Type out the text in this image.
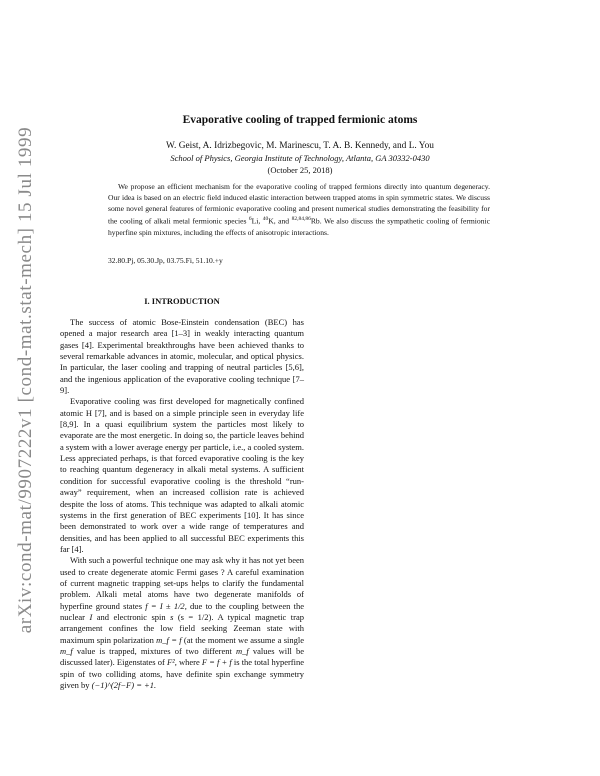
arXiv:cond-mat/9907222v1 [cond-mat.stat-mech] 15 Jul 1999
Evaporative cooling of trapped fermionic atoms
W. Geist, A. Idrizbegovic, M. Marinescu, T. A. B. Kennedy, and L. You
School of Physics, Georgia Institute of Technology, Atlanta, GA 30332-0430
(October 25, 2018)
We propose an efficient mechanism for the evaporative cooling of trapped fermions directly into quantum degeneracy. Our idea is based on an electric field induced elastic interaction between trapped atoms in spin symmetric states. We discuss some novel general features of fermionic evaporative cooling and present numerical studies demonstrating the feasibility for the cooling of alkali metal fermionic species $^6$Li, $^{40}$K, and $^{82,84,86}$Rb. We also discuss the sympathetic cooling of fermionic hyperfine spin mixtures, including the effects of anisotropic interactions.
32.80.Pj, 05.30.Jp, 03.75.Fi, 51.10.+y
I. INTRODUCTION

The success of atomic Bose-Einstein condensation (BEC) has opened a major research area [1–3] in weakly interacting quantum gases [4]. Experimental breakthroughs have been achieved thanks to several remarkable advances in atomic, molecular, and optical physics. In particular, the laser cooling and trapping of neutral particles [5,6], and the ingenious application of the evaporative cooling technique [7–9].

Evaporative cooling was first developed for magnetically confined atomic H [7], and is based on a simple principle seen in everyday life [8,9]. In a quasi equilibrium system the particles most likely to evaporate are the most energetic. In doing so, the particle leaves behind a system with a lower average energy per particle, i.e., a cooled system. Less appreciated perhaps, is that forced evaporative cooling is the key to reaching quantum degeneracy in alkali metal systems. A sufficient condition for successful evaporative cooling is the threshold “run-away” requirement, when an increased collision rate is achieved despite the loss of atoms. This technique was adapted to alkali atomic systems in the first generation of BEC experiments [10]. It has since been demonstrated to work over a wide range of temperatures and densities, and has been applied to all successful BEC experiments this far [4].

With such a powerful technique one may ask why it has not yet been used to create degenerate atomic Fermi gases ? A careful examination of current magnetic trapping set-ups helps to clarify the fundamental problem. Alkali metal atoms have two degenerate manifolds of hyperfine ground states f = I ± 1/2, due to the coupling between the nuclear I and electronic spin s (s = 1/2). A typical magnetic trap arrangement confines the low field seeking Zeeman state with maximum spin polarization m_f = f (at the moment we assume a single m_f value is trapped, mixtures of two different m_f values will be discussed later). Eigenstates of F², where F = f + f is the total hyperfine spin of two colliding atoms, have definite spin exchange symmetry given by (−1)^(2f−F) = +1.
